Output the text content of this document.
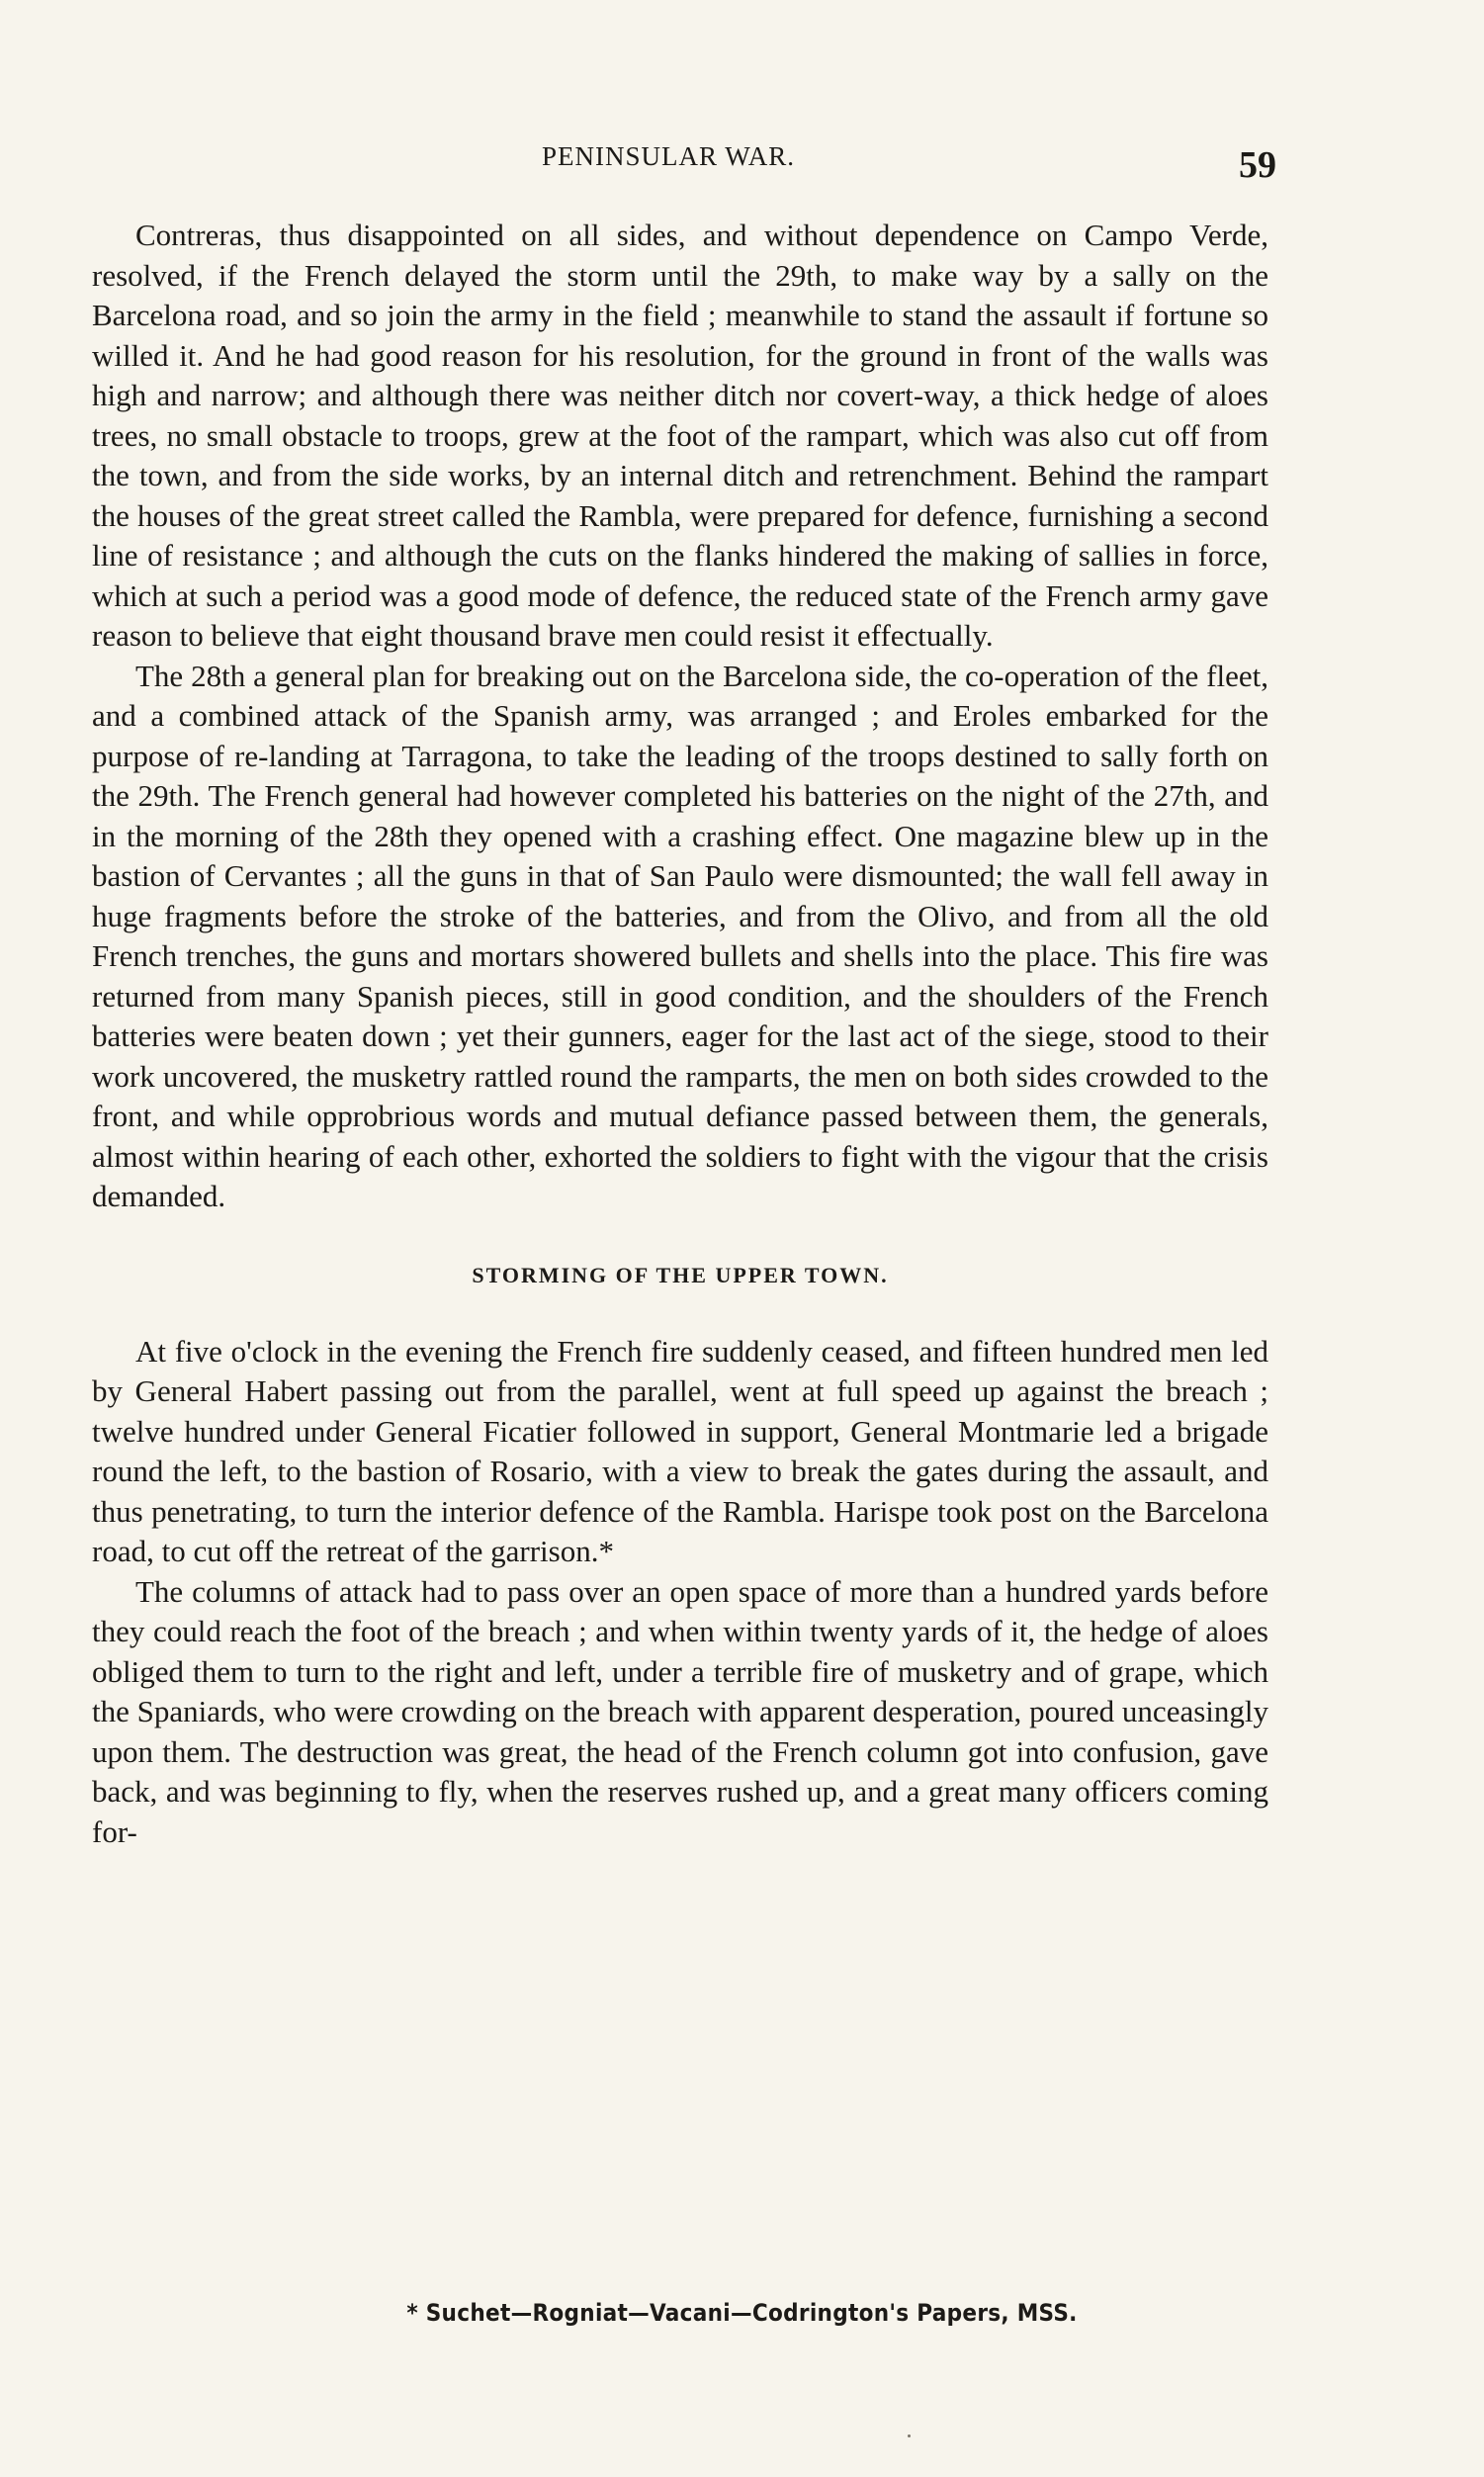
PENINSULAR WAR.	59

Contreras, thus disappointed on all sides, and without dependence on Campo Verde, resolved, if the French delayed the storm until the 29th, to make way by a sally on the Barcelona road, and so join the army in the field ; meanwhile to stand the assault if fortune so willed it. And he had good reason for his resolution, for the ground in front of the walls was high and narrow; and although there was neither ditch nor covert-way, a thick hedge of aloes trees, no small obstacle to troops, grew at the foot of the rampart, which was also cut off from the town, and from the side works, by an internal ditch and retrenchment. Behind the rampart the houses of the great street called the Rambla, were prepared for defence, furnishing a second line of resistance ; and although the cuts on the flanks hindered the making of sallies in force, which at such a period was a good mode of defence, the reduced state of the French army gave reason to believe that eight thousand brave men could resist it effectually.

The 28th a general plan for breaking out on the Barcelona side, the co-operation of the fleet, and a combined attack of the Spanish army, was arranged ; and Eroles embarked for the purpose of re-landing at Tarragona, to take the leading of the troops destined to sally forth on the 29th. The French general had however completed his batteries on the night of the 27th, and in the morning of the 28th they opened with a crashing effect. One magazine blew up in the bastion of Cervantes ; all the guns in that of San Paulo were dismounted; the wall fell away in huge fragments before the stroke of the batteries, and from the Olivo, and from all the old French trenches, the guns and mortars showered bullets and shells into the place. This fire was returned from many Spanish pieces, still in good condition, and the shoulders of the French batteries were beaten down ; yet their gunners, eager for the last act of the siege, stood to their work uncovered, the musketry rattled round the ramparts, the men on both sides crowded to the front, and while opprobrious words and mutual defiance passed between them, the generals, almost within hearing of each other, exhorted the soldiers to fight with the vigour that the crisis demanded.

STORMING OF THE UPPER TOWN.

At five o'clock in the evening the French fire suddenly ceased, and fifteen hundred men led by General Habert passing out from the parallel, went at full speed up against the breach ; twelve hundred under General Ficatier followed in support, General Montmarie led a brigade round the left, to the bastion of Rosario, with a view to break the gates during the assault, and thus penetrating, to turn the interior defence of the Rambla. Harispe took post on the Barcelona road, to cut off the retreat of the garrison.*

The columns of attack had to pass over an open space of more than a hundred yards before they could reach the foot of the breach ; and when within twenty yards of it, the hedge of aloes obliged them to turn to the right and left, under a terrible fire of musketry and of grape, which the Spaniards, who were crowding on the breach with apparent desperation, poured unceasingly upon them. The destruction was great, the head of the French column got into confusion, gave back, and was beginning to fly, when the reserves rushed up, and a great many officers coming for-

* Suchet—Rogniat—Vacani—Codrington's Papers, MSS.
